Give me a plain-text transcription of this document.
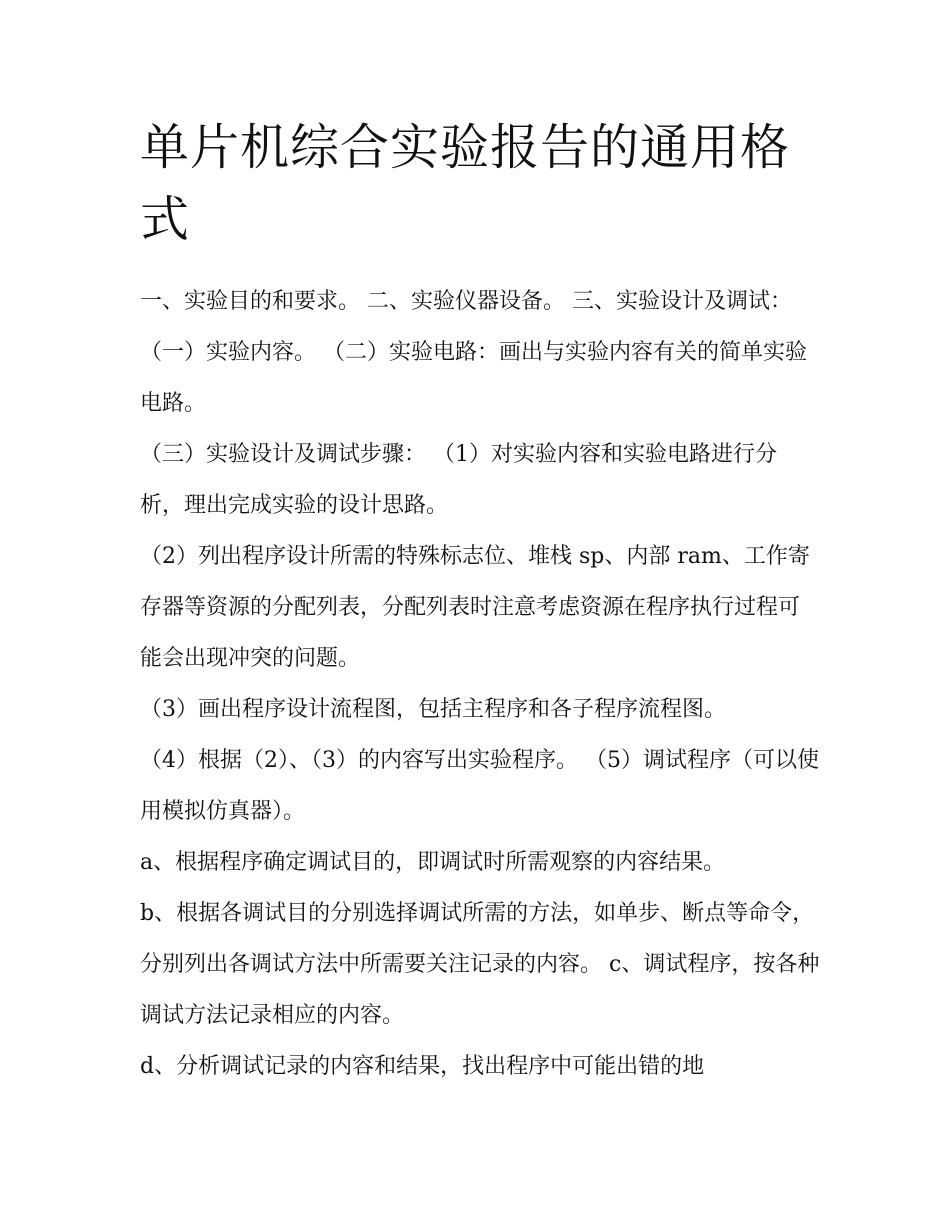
单片机综合实验报告的通用格式

一、实验目的和要求。 二、实验仪器设备。 三、实验设计及调试： （一）实验内容。 （二）实验电路：画出与实验内容有关的简单实验电路。

（三）实验设计及调试步骤： （1）对实验内容和实验电路进行分析，理出完成实验的设计思路。

（2）列出程序设计所需的特殊标志位、堆栈 sp、内部 ram、工作寄存器等资源的分配列表，分配列表时注意考虑资源在程序执行过程可能会出现冲突的问题。

（3）画出程序设计流程图，包括主程序和各子程序流程图。

（4）根据（2）、（3）的内容写出实验程序。 （5）调试程序（可以使用模拟仿真器）。

a、根据程序确定调试目的，即调试时所需观察的内容结果。

b、根据各调试目的分别选择调试所需的方法，如单步、断点等命令，分别列出各调试方法中所需要关注记录的内容。 c、调试程序，按各种调试方法记录相应的内容。

d、分析调试记录的内容和结果，找出程序中可能出错的地
